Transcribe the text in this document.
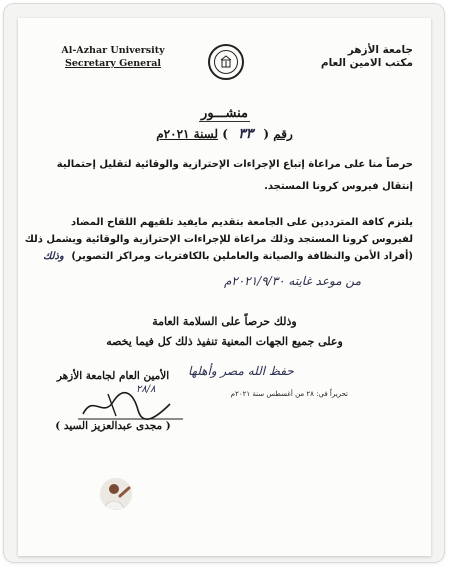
جامعة الأزهر
مكتب الامين العام
Al-Azhar University
Secretary General
منشـــور
رقم ( ٣٣ ) لسنة ٢٠٢١م
حرصاً منا على مراعاة إتباع الإجراءات الإحترازية والوقائية لتقليل إحتمالية
إنتقال فيروس كرونا المستجد.
يلتزم كافة المترددين على الجامعة بتقديم مايفيد تلقيهم اللقاح المضاد
لفيروس كرونا المستجد وذلك مراعاة للإجراءات الإحترازية والوقائية ويشمل ذلك
(أفراد الأمن والنظافة والصيانة والعاملين بالكافتريات ومراكز التصوير) وذلك
من موعد غايته ٢٠٢١/٩/٣٠م
وذلك حرصاً على السلامة العامة
وعلى جميع الجهات المعنية تنفيذ ذلك كل فيما يخصه
حفظ الله مصر وأهلها
الأمين العام لجامعة الأزهر
٢٨/٨	تحريراً في: ٢٨ من أغسطس سنة ٢٠٢١م
( مجدى عبدالعزيز السيد )
